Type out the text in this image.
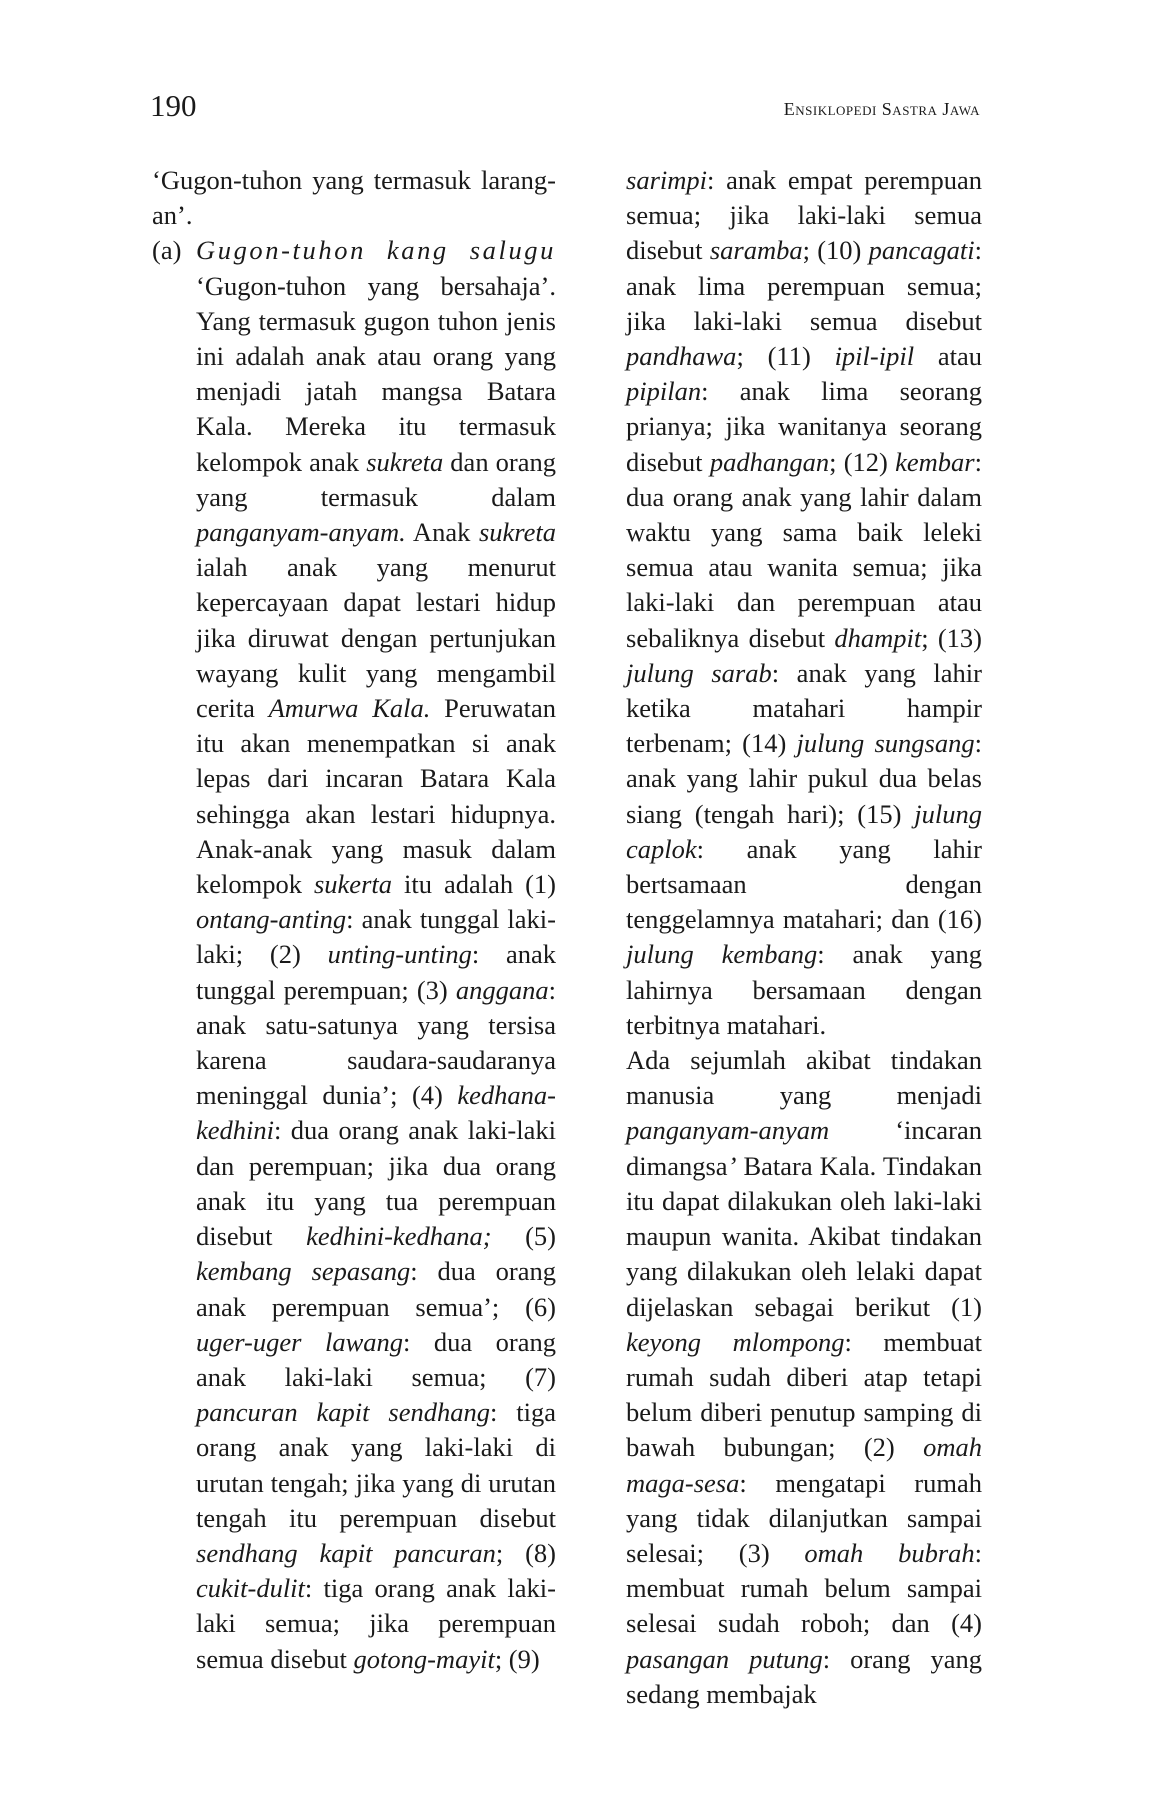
190	Ensiklopedi Sastra Jawa

‘Gugon-tuhon yang termasuk larang-an’.

(a) Gugon-tuhon kang salugu ‘Gugon-tuhon yang bersahaja’. Yang termasuk gugon tuhon jenis ini adalah anak atau orang yang menjadi jatah mangsa Batara Kala. Mereka itu termasuk kelompok anak sukreta dan orang yang termasuk dalam panganyam-anyam. Anak sukreta ialah anak yang menurut kepercayaan dapat lestari hidup jika diruwat dengan pertunjukan wayang kulit yang mengambil cerita Amurwa Kala. Peruwatan itu akan menempatkan si anak lepas dari incaran Batara Kala sehingga akan lestari hidupnya. Anak-anak yang masuk dalam kelompok sukerta itu adalah (1) ontang-anting: anak tunggal laki-laki; (2) unting-unting: anak tunggal perempuan; (3) anggana: anak satu-satunya yang tersisa karena saudara-saudaranya meninggal dunia’; (4) kedhana-kedhini: dua orang anak laki-laki dan perempuan; jika dua orang anak itu yang tua perempuan disebut kedhini-kedhana; (5) kembang sepasang: dua orang anak perempuan semua’; (6) uger-uger lawang: dua orang anak laki-laki semua; (7) pancuran kapit sendhang: tiga orang anak yang laki-laki di urutan tengah; jika yang di urutan tengah itu perempuan disebut sendhang kapit pancuran; (8) cukit-dulit: tiga orang anak laki-laki semua; jika perempuan semua disebut gotong-mayit; (9)

sarimpi: anak empat perempuan semua; jika laki-laki semua disebut saramba; (10) pancagati: anak lima perempuan semua; jika laki-laki semua disebut pandhawa; (11) ipil-ipil atau pipilan: anak lima seorang prianya; jika wanitanya seorang disebut padhangan; (12) kembar: dua orang anak yang lahir dalam waktu yang sama baik leleki semua atau wanita semua; jika laki-laki dan perempuan atau sebaliknya disebut dhampit; (13) julung sarab: anak yang lahir ketika matahari hampir terbenam; (14) julung sungsang: anak yang lahir pukul dua belas siang (tengah hari); (15) julung caplok: anak yang lahir bertsamaan dengan tenggelamnya matahari; dan (16) julung kembang: anak yang lahirnya bersamaan dengan terbitnya matahari.

Ada sejumlah akibat tindakan manusia yang menjadi panganyam-anyam ‘incaran dimangsa’ Batara Kala. Tindakan itu dapat dilakukan oleh laki-laki maupun wanita. Akibat tindakan yang dilakukan oleh lelaki dapat dijelaskan sebagai berikut (1) keyong mlompong: membuat rumah sudah diberi atap tetapi belum diberi penutup samping di bawah bubungan; (2) omah maga-sesa: mengatapi rumah yang tidak dilanjutkan sampai selesai; (3) omah bubrah: membuat rumah belum sampai selesai sudah roboh; dan (4) pasangan putung: orang yang sedang membajak
